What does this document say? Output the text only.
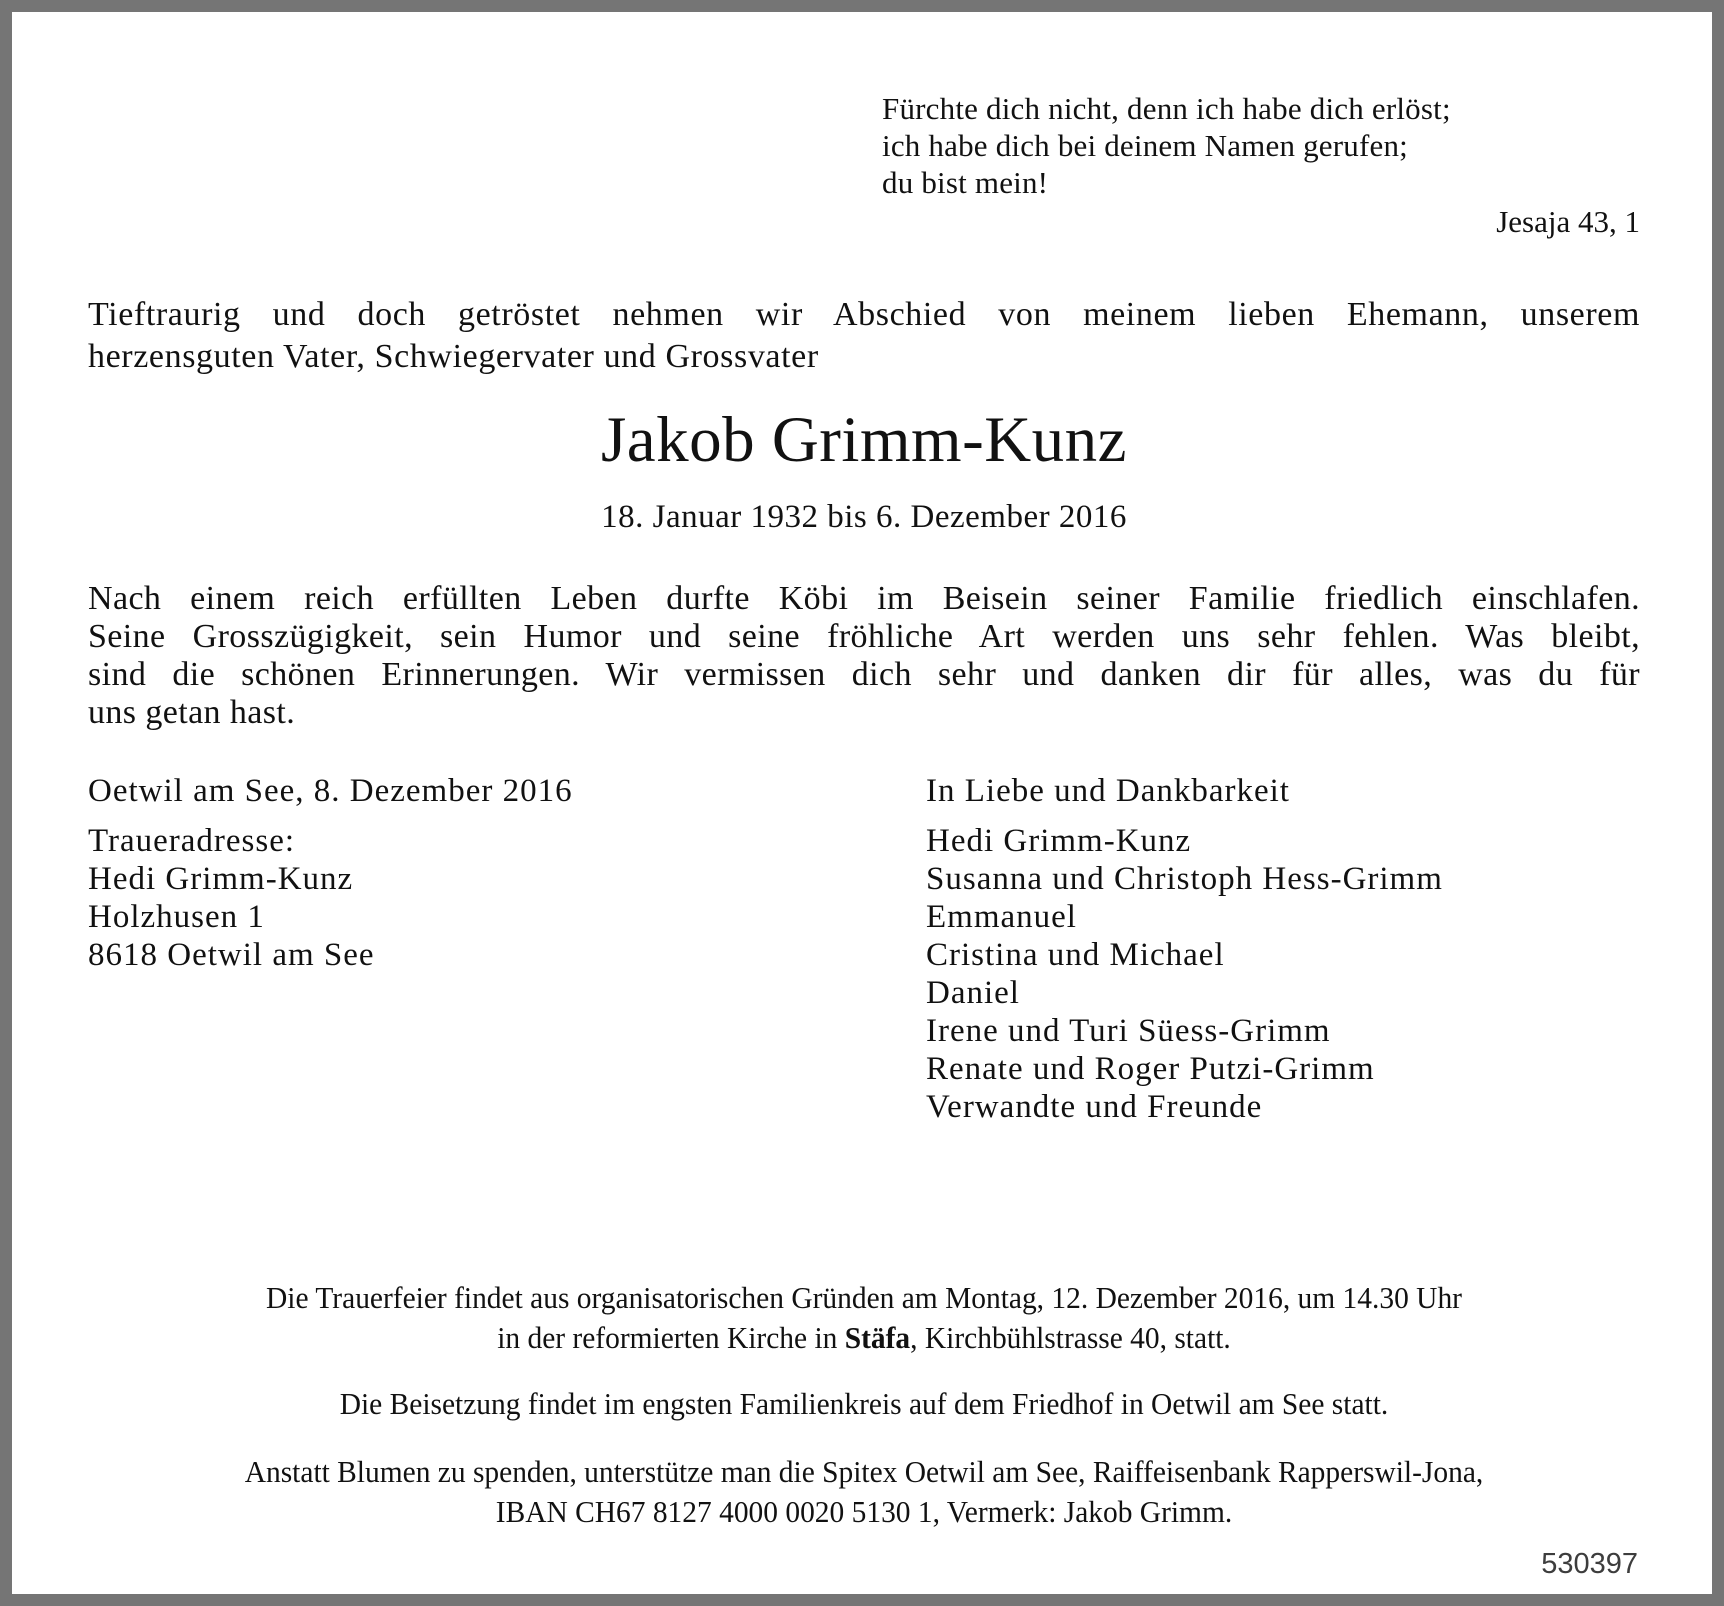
Fürchte dich nicht, denn ich habe dich erlöst;
ich habe dich bei deinem Namen gerufen;
du bist mein!
Jesaja 43, 1
Tieftraurig und doch getröstet nehmen wir Abschied von meinem lieben Ehemann, unserem
herzensguten Vater, Schwiegervater und Grossvater
Jakob Grimm-Kunz
18. Januar 1932 bis 6. Dezember 2016
Nach einem reich erfüllten Leben durfte Köbi im Beisein seiner Familie friedlich einschlafen.
Seine Grosszügigkeit, sein Humor und seine fröhliche Art werden uns sehr fehlen. Was bleibt,
sind die schönen Erinnerungen. Wir vermissen dich sehr und danken dir für alles, was du für
uns getan hast.
Oetwil am See, 8. Dezember 2016
Traueradresse:
Hedi Grimm-Kunz
Holzhusen 1
8618 Oetwil am See
In Liebe und Dankbarkeit
Hedi Grimm-Kunz
Susanna und Christoph Hess-Grimm
Emmanuel
Cristina und Michael
Daniel
Irene und Turi Süess-Grimm
Renate und Roger Putzi-Grimm
Verwandte und Freunde
Die Trauerfeier findet aus organisatorischen Gründen am Montag, 12. Dezember 2016, um 14.30 Uhr
in der reformierten Kirche in Stäfa, Kirchbühlstrasse 40, statt.
Die Beisetzung findet im engsten Familienkreis auf dem Friedhof in Oetwil am See statt.
Anstatt Blumen zu spenden, unterstütze man die Spitex Oetwil am See, Raiffeisenbank Rapperswil-Jona,
IBAN CH67 8127 4000 0020 5130 1, Vermerk: Jakob Grimm.
530397
